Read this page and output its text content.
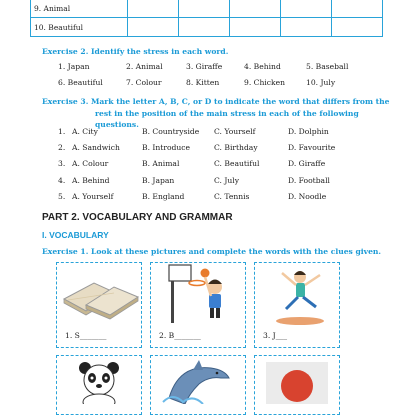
9. Animal					
10. Beautiful					
Exercise 2. Identify the stress in each word.
1. Japan	2. Animal	3. Giraffe	4. Behind	5. Baseball
6. Beautiful	7. Colour	8. Kitten	9. Chicken	10. July
Exercise 3. Mark the letter A, B, C, or D to indicate the word that differs from the
rest in the position of the main stress in each of the following questions.
1. A. City	B. Countryside C. Yourself	D. Dolphin
2. A. Sandwich	B. Introduce	C. Birthday	D. Favourite
3. A. Colour	B. Animal	C. Beautiful	D. Giraffe
4. A. Behind	B. Japan	C. July	D. Football
5. A. Yourself	B. England	C. Tennis	D. Noodle
PART 2. VOCABULARY AND GRAMMAR
I. VOCABULARY
Exercise 1. Look at these pictures and complete the words with the clues given.
1. S_______	2. B_______	3. J___
